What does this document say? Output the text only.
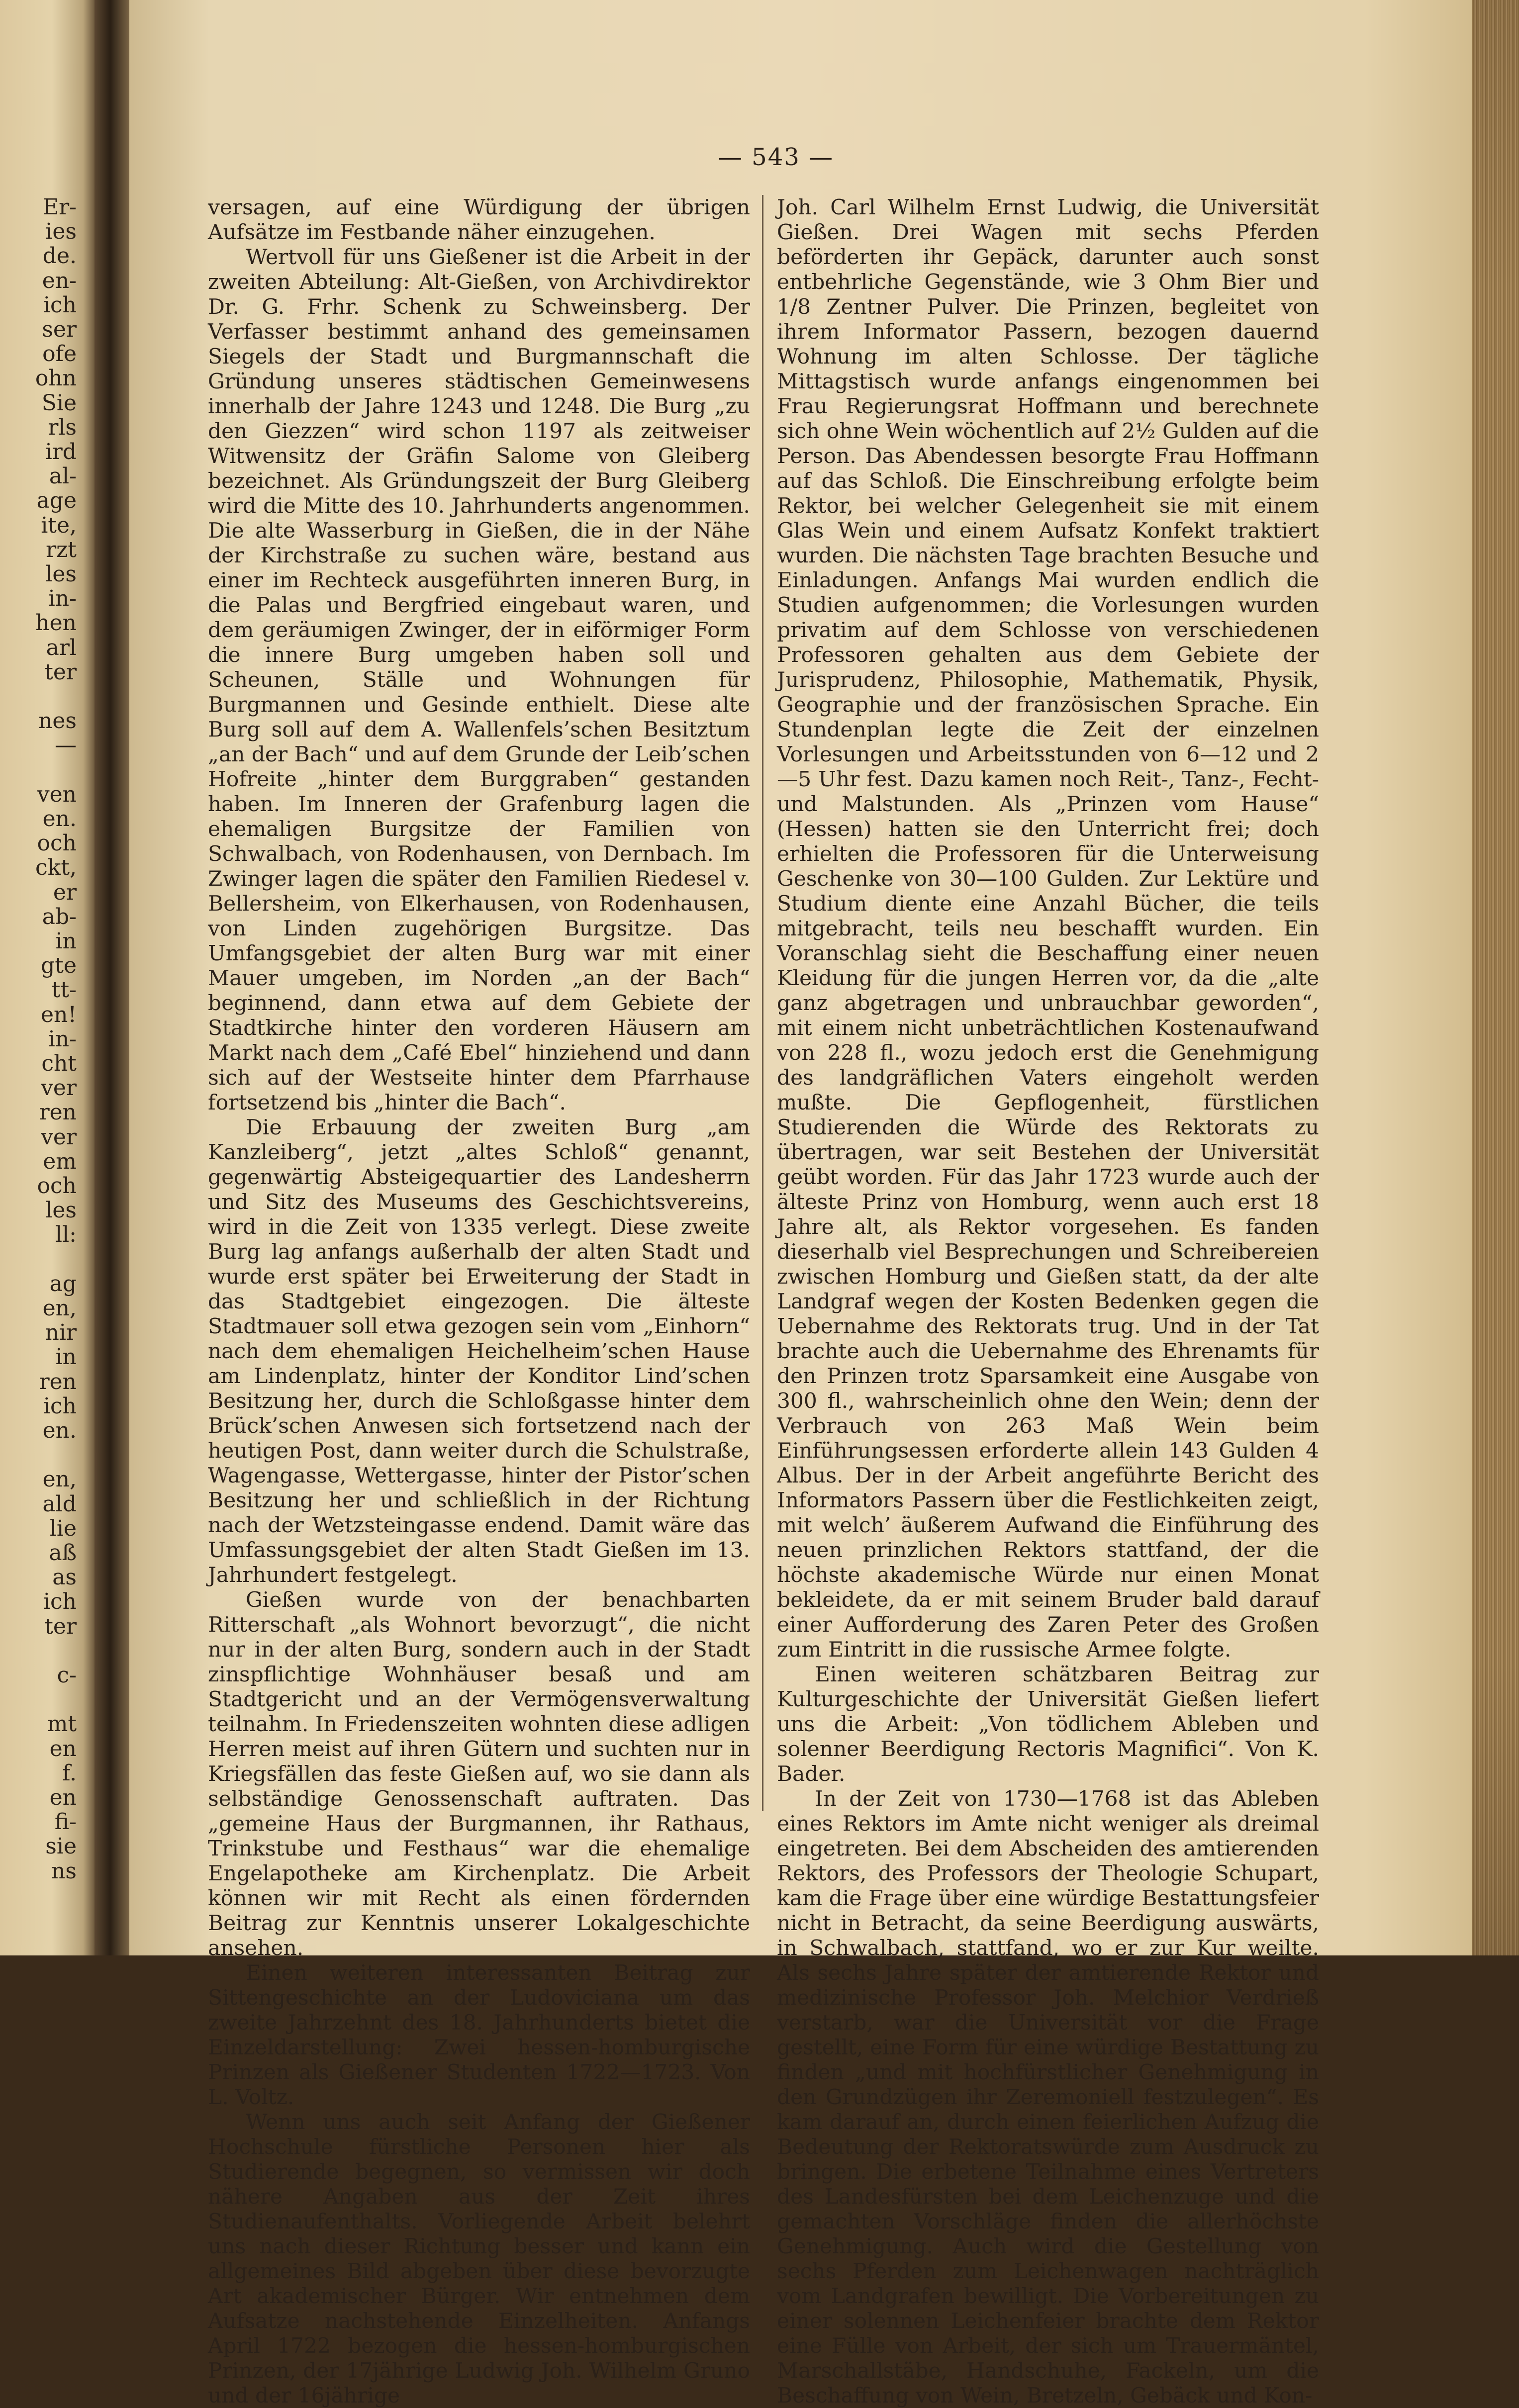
Er-
ies
de.
en-
ich
ser
ofe
ohn
Sie
rls
ird
al-
age
ite,
rzt
les
in-
hen
arl
ter
nes
—
ven
en.
och
ckt,
er
ab-
in
gte
tt-
en!
in-
cht
ver
ren
ver
em
och
les
ll:
ag
en,
nir
in
ren
ich
en.
en,
ald
lie
aß
as
ich
ter
c-
mt
en
f.
en
fi-
sie
ns
— 543 —

versagen, auf eine Würdigung der übrigen Aufsätze im Festbande näher einzugehen.

Wertvoll für uns Gießener ist die Arbeit in der zweiten Abteilung: Alt-Gießen, von Archivdirektor Dr. G. Frhr. Schenk zu Schweinsberg. Der Verfasser bestimmt anhand des gemeinsamen Siegels der Stadt und Burgmannschaft die Gründung unseres städtischen Gemeinwesens innerhalb der Jahre 1243 und 1248. Die Burg „zu den Giezzen“ wird schon 1197 als zeitweiser Witwensitz der Gräfin Salome von Gleiberg bezeichnet. Als Gründungszeit der Burg Gleiberg wird die Mitte des 10. Jahrhunderts angenommen. Die alte Wasserburg in Gießen, die in der Nähe der Kirchstraße zu suchen wäre, bestand aus einer im Rechteck ausgeführten inneren Burg, in die Palas und Bergfried eingebaut waren, und dem geräumigen Zwinger, der in eiförmiger Form die innere Burg umgeben haben soll und Scheunen, Ställe und Wohnungen für Burgmannen und Gesinde enthielt. Diese alte Burg soll auf dem A. Wallenfels’schen Besitztum „an der Bach“ und auf dem Grunde der Leib’schen Hofreite „hinter dem Burggraben“ gestanden haben. Im Inneren der Grafenburg lagen die ehemaligen Burgsitze der Familien von Schwalbach, von Rodenhausen, von Dernbach. Im Zwinger lagen die später den Familien Riedesel v. Bellersheim, von Elkerhausen, von Rodenhausen, von Linden zugehörigen Burgsitze. Das Umfangsgebiet der alten Burg war mit einer Mauer umgeben, im Norden „an der Bach“ beginnend, dann etwa auf dem Gebiete der Stadtkirche hinter den vorderen Häusern am Markt nach dem „Café Ebel“ hinziehend und dann sich auf der Westseite hinter dem Pfarrhause fortsetzend bis „hinter die Bach“.

Die Erbauung der zweiten Burg „am Kanzleiberg“, jetzt „altes Schloß“ genannt, gegenwärtig Absteigequartier des Landesherrn und Sitz des Museums des Geschichtsvereins, wird in die Zeit von 1335 verlegt. Diese zweite Burg lag anfangs außerhalb der alten Stadt und wurde erst später bei Erweiterung der Stadt in das Stadtgebiet eingezogen. Die älteste Stadtmauer soll etwa gezogen sein vom „Einhorn“ nach dem ehemaligen Heichelheim’schen Hause am Lindenplatz, hinter der Konditor Lind’schen Besitzung her, durch die Schloßgasse hinter dem Brück’schen Anwesen sich fortsetzend nach der heutigen Post, dann weiter durch die Schulstraße, Wagengasse, Wettergasse, hinter der Pistor’schen Besitzung her und schließlich in der Richtung nach der Wetzsteingasse endend. Damit wäre das Umfassungsgebiet der alten Stadt Gießen im 13. Jahrhundert festgelegt.

Gießen wurde von der benachbarten Ritterschaft „als Wohnort bevorzugt“, die nicht nur in der alten Burg, sondern auch in der Stadt zinspflichtige Wohnhäuser besaß und am Stadtgericht und an der Vermögensverwaltung teilnahm. In Friedenszeiten wohnten diese adligen Herren meist auf ihren Gütern und suchten nur in Kriegsfällen das feste Gießen auf, wo sie dann als selbständige Genossenschaft auftraten. Das „gemeine Haus der Burgmannen, ihr Rathaus, Trinkstube und Festhaus“ war die ehemalige Engelapotheke am Kirchenplatz. Die Arbeit können wir mit Recht als einen fördernden Beitrag zur Kenntnis unserer Lokalgeschichte ansehen.

Einen weiteren interessanten Beitrag zur Sittengeschichte an der Ludoviciana um das zweite Jahrzehnt des 18. Jahrhunderts bietet die Einzeldarstellung: Zwei hessen-homburgische Prinzen als Gießener Studenten 1722—1723. Von L. Voltz.

Wenn uns auch seit Anfang der Gießener Hochschule fürstliche Personen hier als Studierende begegnen, so vermissen wir doch nähere Angaben aus der Zeit ihres Studienaufenthalts. Vorliegende Arbeit belehrt uns nach dieser Richtung besser und kann ein allgemeines Bild abgeben über diese bevorzugte Art akademischer Bürger. Wir entnehmen dem Aufsatze nachstehende Einzelheiten. Anfangs April 1722 bezogen die hessen-homburgischen Prinzen, der 17jährige Ludwig Joh. Wilhelm Gruno und der 16jährige

Joh. Carl Wilhelm Ernst Ludwig, die Universität Gießen. Drei Wagen mit sechs Pferden beförderten ihr Gepäck, darunter auch sonst entbehrliche Gegenstände, wie 3 Ohm Bier und 1/8 Zentner Pulver. Die Prinzen, begleitet von ihrem Informator Passern, bezogen dauernd Wohnung im alten Schlosse. Der tägliche Mittagstisch wurde anfangs eingenommen bei Frau Regierungsrat Hoffmann und berechnete sich ohne Wein wöchentlich auf 2½ Gulden auf die Person. Das Abendessen besorgte Frau Hoffmann auf das Schloß. Die Einschreibung erfolgte beim Rektor, bei welcher Gelegenheit sie mit einem Glas Wein und einem Aufsatz Konfekt traktiert wurden. Die nächsten Tage brachten Besuche und Einladungen. Anfangs Mai wurden endlich die Studien aufgenommen; die Vorlesungen wurden privatim auf dem Schlosse von verschiedenen Professoren gehalten aus dem Gebiete der Jurisprudenz, Philosophie, Mathematik, Physik, Geographie und der französischen Sprache. Ein Stundenplan legte die Zeit der einzelnen Vorlesungen und Arbeitsstunden von 6—12 und 2—5 Uhr fest. Dazu kamen noch Reit-, Tanz-, Fecht- und Malstunden. Als „Prinzen vom Hause“ (Hessen) hatten sie den Unterricht frei; doch erhielten die Professoren für die Unterweisung Geschenke von 30—100 Gulden. Zur Lektüre und Studium diente eine Anzahl Bücher, die teils mitgebracht, teils neu beschafft wurden. Ein Voranschlag sieht die Beschaffung einer neuen Kleidung für die jungen Herren vor, da die „alte ganz abgetragen und unbrauchbar geworden“, mit einem nicht unbeträchtlichen Kostenaufwand von 228 fl., wozu jedoch erst die Genehmigung des landgräflichen Vaters eingeholt werden mußte. Die Gepflogenheit, fürstlichen Studierenden die Würde des Rektorats zu übertragen, war seit Bestehen der Universität geübt worden. Für das Jahr 1723 wurde auch der älteste Prinz von Homburg, wenn auch erst 18 Jahre alt, als Rektor vorgesehen. Es fanden dieserhalb viel Besprechungen und Schreibereien zwischen Homburg und Gießen statt, da der alte Landgraf wegen der Kosten Bedenken gegen die Uebernahme des Rektorats trug. Und in der Tat brachte auch die Uebernahme des Ehrenamts für den Prinzen trotz Sparsamkeit eine Ausgabe von 300 fl., wahrscheinlich ohne den Wein; denn der Verbrauch von 263 Maß Wein beim Einführungsessen erforderte allein 143 Gulden 4 Albus. Der in der Arbeit angeführte Bericht des Informators Passern über die Festlichkeiten zeigt, mit welch’ äußerem Aufwand die Einführung des neuen prinzlichen Rektors stattfand, der die höchste akademische Würde nur einen Monat bekleidete, da er mit seinem Bruder bald darauf einer Aufforderung des Zaren Peter des Großen zum Eintritt in die russische Armee folgte.

Einen weiteren schätzbaren Beitrag zur Kulturgeschichte der Universität Gießen liefert uns die Arbeit: „Von tödlichem Ableben und solenner Beerdigung Rectoris Magnifici“. Von K. Bader.

In der Zeit von 1730—1768 ist das Ableben eines Rektors im Amte nicht weniger als dreimal eingetreten. Bei dem Abscheiden des amtierenden Rektors, des Professors der Theologie Schupart, kam die Frage über eine würdige Bestattungsfeier nicht in Betracht, da seine Beerdigung auswärts, in Schwalbach, stattfand, wo er zur Kur weilte. Als sechs Jahre später der amtierende Rektor und medizinische Professor Joh. Melchior Verdrieß verstarb, war die Universität vor die Frage gestellt, eine Form für eine würdige Bestattung zu finden „und mit hochfürstlicher Genehmigung in den Grundzügen ihr Zeremoniell festzulegen“. Es kam darauf an, durch einen feierlichen Aufzug die Bedeutung der Rektoratswürde zum Ausdruck zu bringen. Die erbetene Teilnahme eines Vertreters des Landesfürsten bei dem Leichenzuge und die gemachten Vorschläge finden die allerhöchste Genehmigung. Auch wird die Gestellung von sechs Pferden zum Leichenwagen nachträglich vom Landgrafen bewilligt. Die Vorbereitungen zu einer solennen Leichenfeier brachte dem Rektor eine Fülle von Arbeit, der sich um Trauermäntel, Marschallstäbe, Handschuhe, Fackeln, um die Beschaffung von Wein, Bretzeln, Gebäck und Kon-
